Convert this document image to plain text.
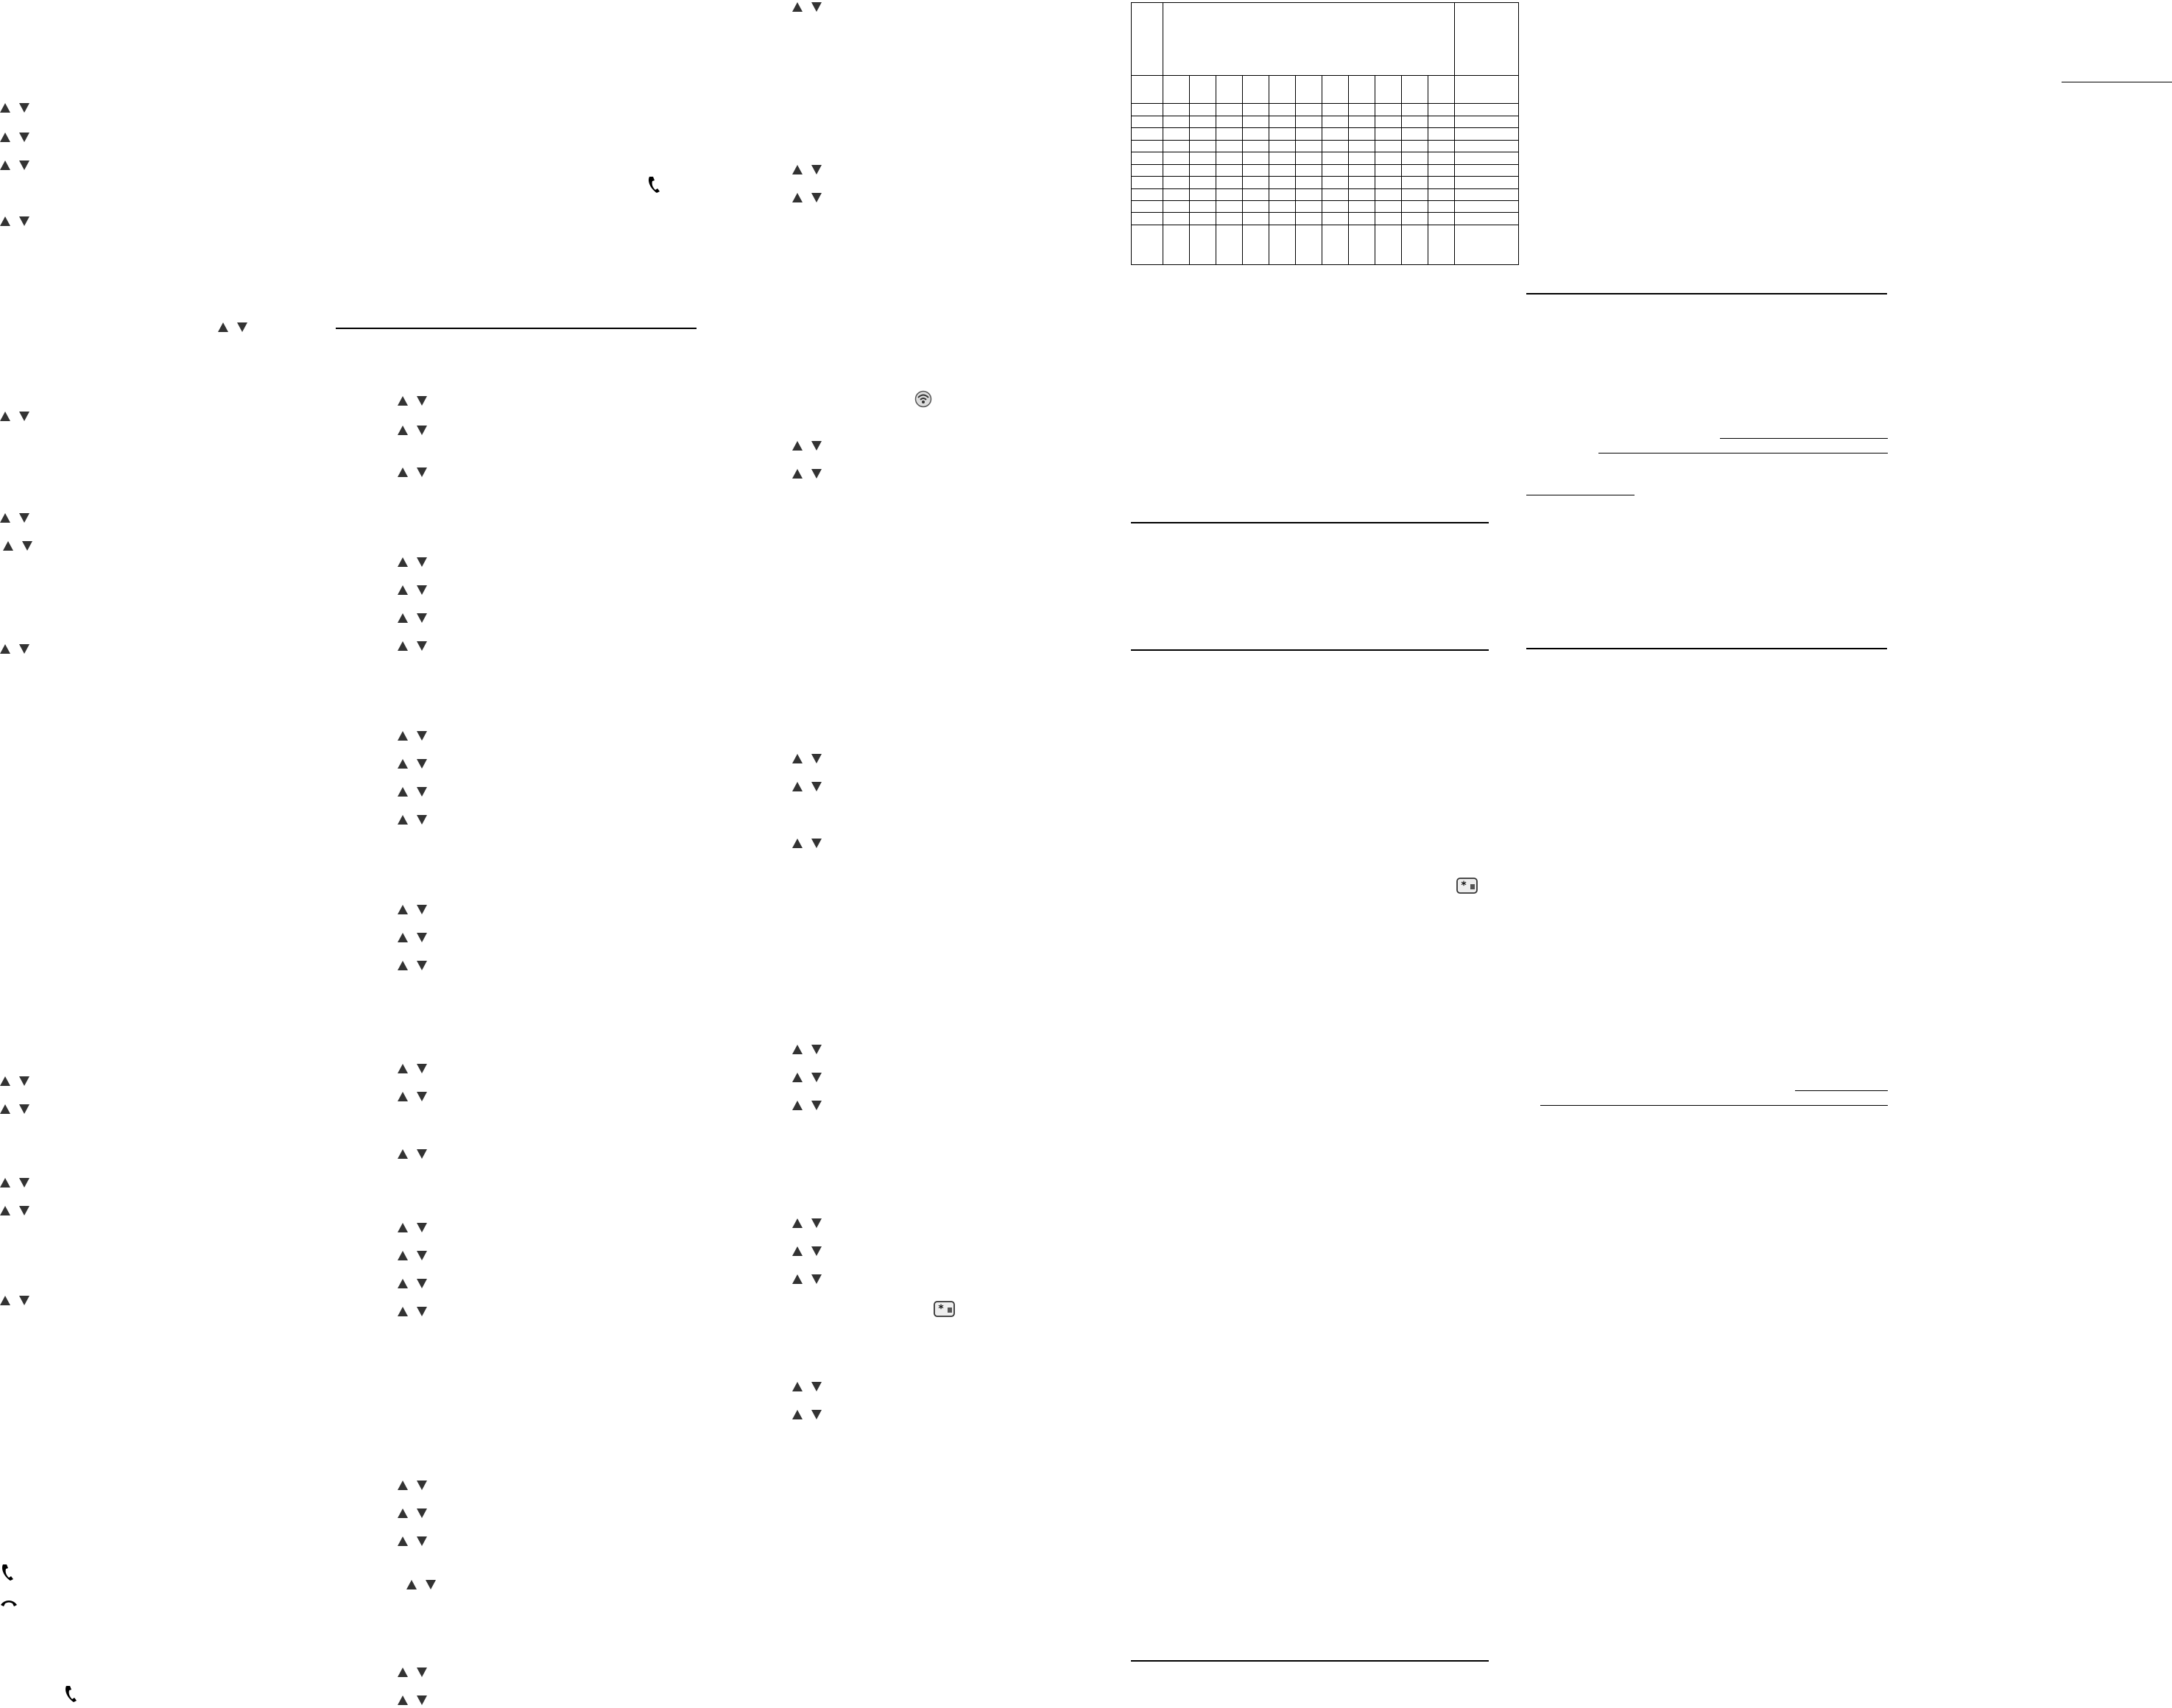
*

*
